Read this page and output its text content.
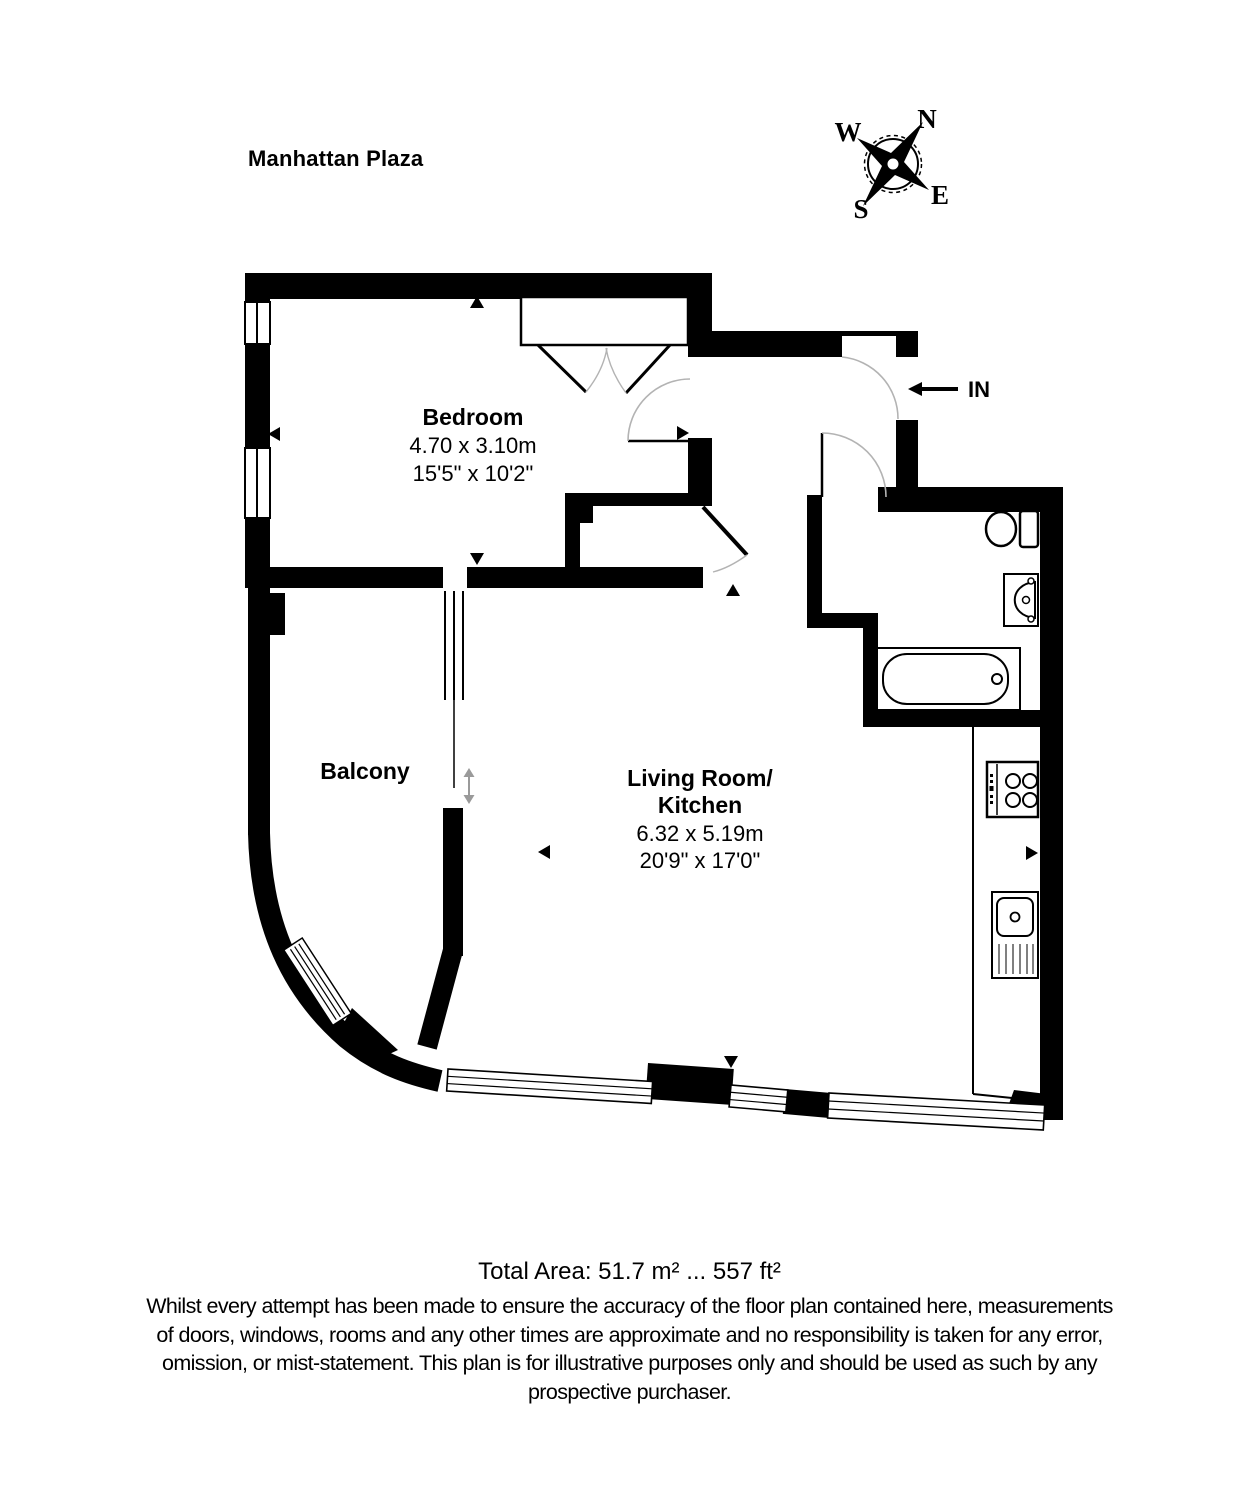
Manhattan Plaza
IN
N
W
S E
Bedroom
4.70 x 3.10m
15'5" x 10'2"
Living Room/
Kitchen
6.32 x 5.19m
20'9" x 17'0"
Balcony
Total Area: 51.7 m² ... 557 ft²
Whilst every attempt has been made to ensure the accuracy of the floor plan contained here, measurements
of doors, windows, rooms and any other times are approximate and no responsibility is taken for any error,
omission, or mist-statement. This plan is for illustrative purposes only and should be used as such by any
prospective purchaser.
